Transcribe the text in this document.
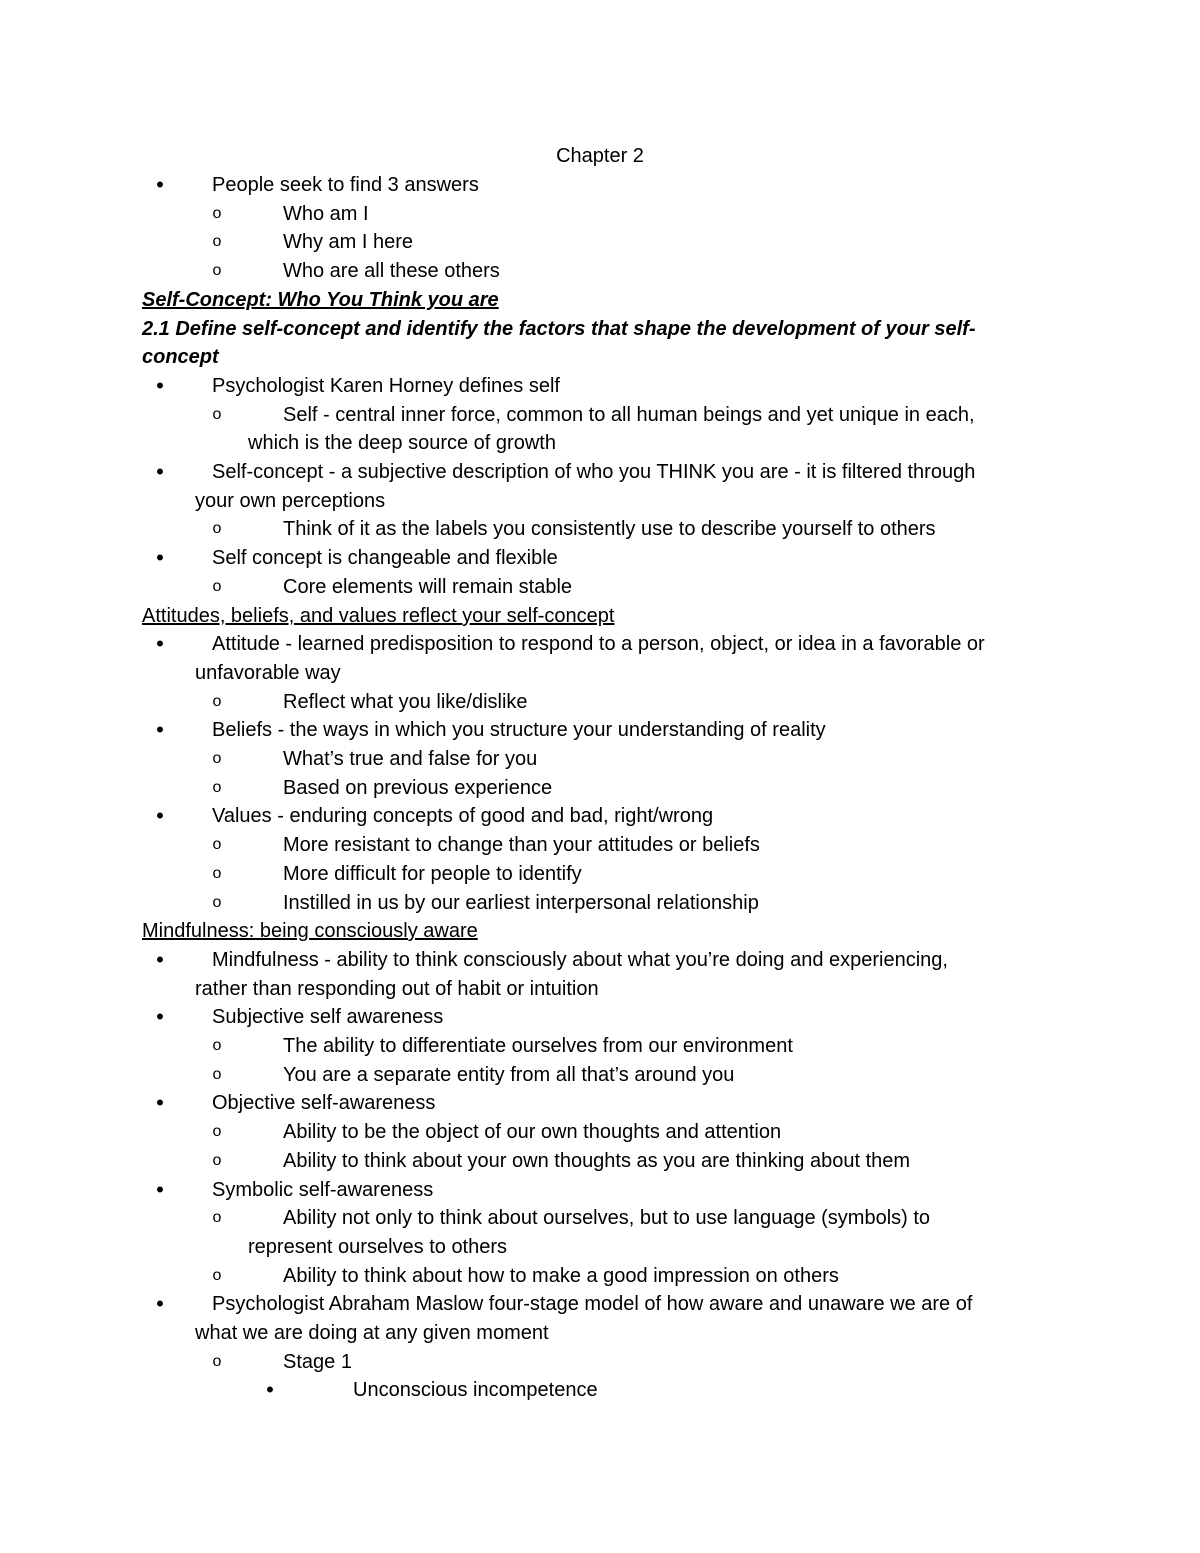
Chapter 2
•	People seek to find 3 answers
o	Who am I
o	Why am I here
o	Who are all these others
Self-Concept: Who You Think you are
2.1 Define self-concept and identify the factors that shape the development of your self-
concept
•	Psychologist Karen Horney defines self
o	Self - central inner force, common to all human beings and yet unique in each,
which is the deep source of growth
•	Self-concept - a subjective description of who you THINK you are - it is filtered through
your own perceptions
o	Think of it as the labels you consistently use to describe yourself to others
•	Self concept is changeable and flexible
o	Core elements will remain stable
Attitudes, beliefs, and values reflect your self-concept
•	Attitude - learned predisposition to respond to a person, object, or idea in a favorable or
unfavorable way
o	Reflect what you like/dislike
•	Beliefs - the ways in which you structure your understanding of reality
o	What’s true and false for you
o	Based on previous experience
•	Values - enduring concepts of good and bad, right/wrong
o	More resistant to change than your attitudes or beliefs
o	More difficult for people to identify
o	Instilled in us by our earliest interpersonal relationship
Mindfulness: being consciously aware
•	Mindfulness - ability to think consciously about what you’re doing and experiencing,
rather than responding out of habit or intuition
•	Subjective self awareness
o	The ability to differentiate ourselves from our environment
o	You are a separate entity from all that’s around you
•	Objective self-awareness
o	Ability to be the object of our own thoughts and attention
o	Ability to think about your own thoughts as you are thinking about them
•	Symbolic self-awareness
o	Ability not only to think about ourselves, but to use language (symbols) to
represent ourselves to others
o	Ability to think about how to make a good impression on others
•	Psychologist Abraham Maslow four-stage model of how aware and unaware we are of
what we are doing at any given moment
o	Stage 1
•	Unconscious incompetence
